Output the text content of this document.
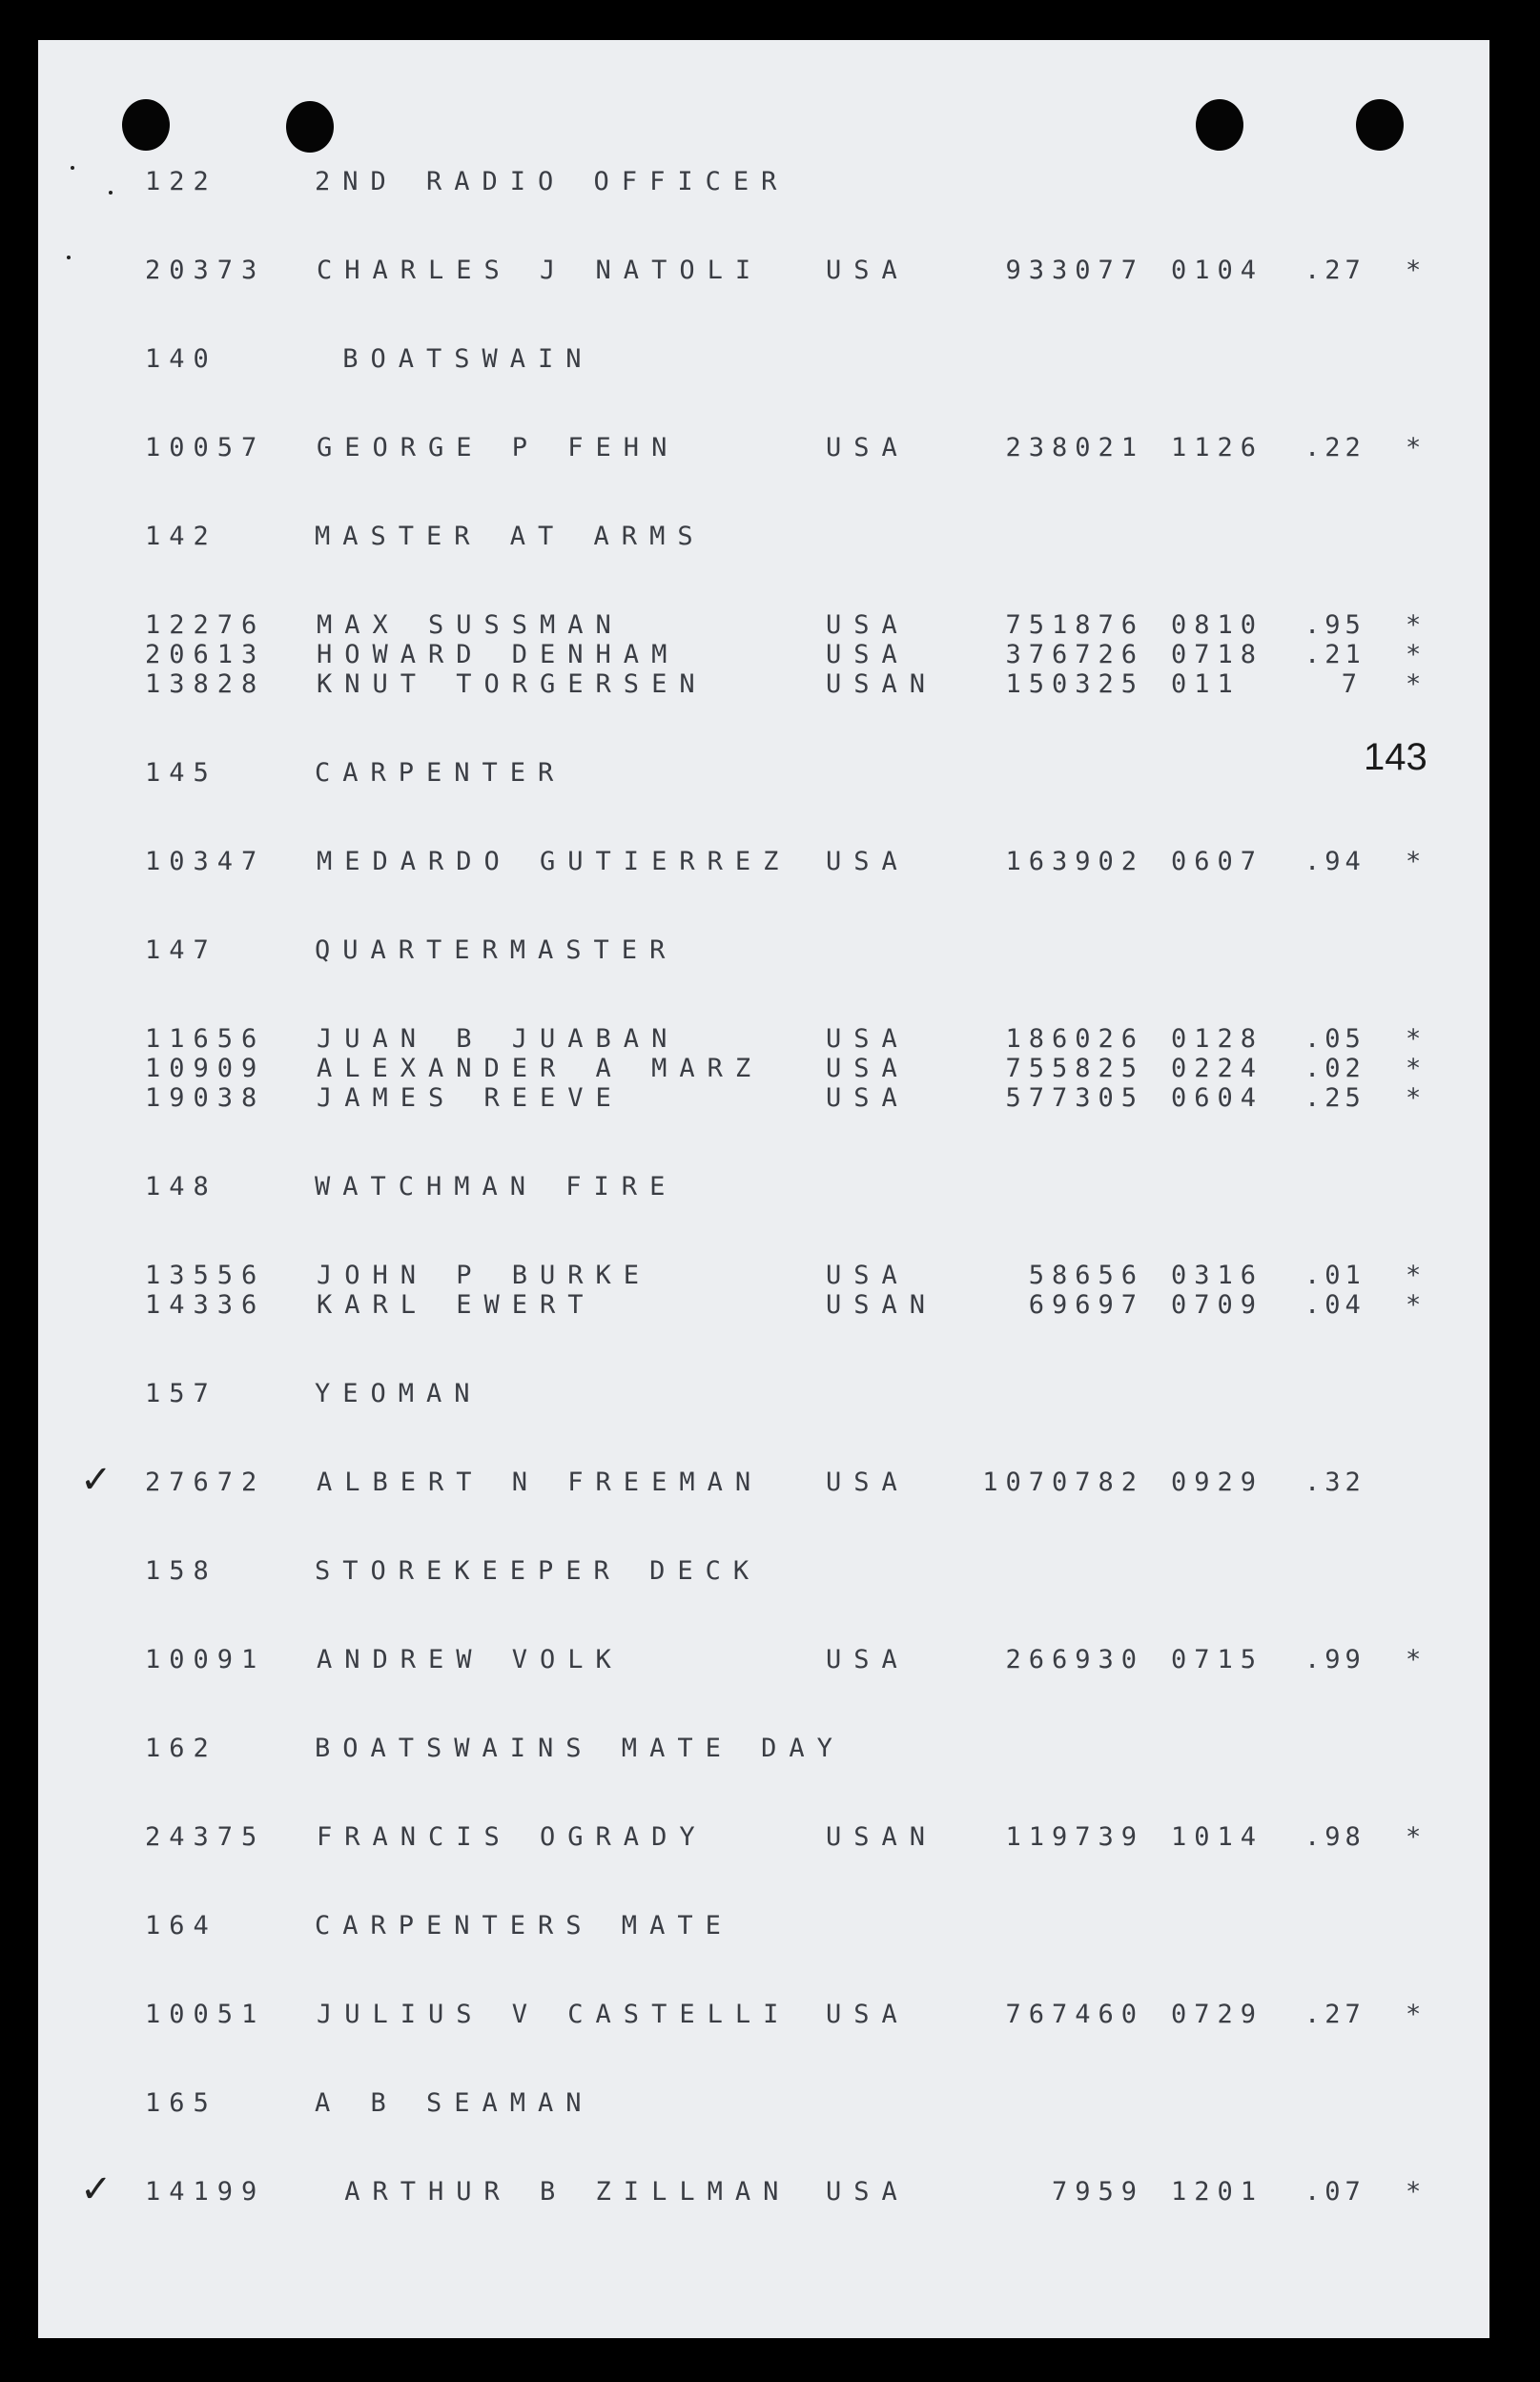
143
122	2ND RADIO OFFICER
20373 CHARLES J NATOLI USA	933077 0104 .27 *
140	BOATSWAIN
10057 GEORGE P FEHN	USA	238021 1126 .22 *
142	MASTER AT ARMS
12276 MAX SUSSMAN	USA	751876 0810 .95 *
20613 HOWARD DENHAM	USA	376726 0718 .21 *
13828 KNUT TORGERSEN	USAN	150325 011	7 *
145	CARPENTER
10347 MEDARDO GUTIERREZ USA	163902 0607 .94 *
147	QUARTERMASTER
11656 JUAN B JUABAN	USA	186026 0128 .05 *
10909 ALEXANDER A MARZ USA	755825 0224 .02 *
19038 JAMES REEVE	USA	577305 0604 .25 *
148	WATCHMAN FIRE
13556 JOHN P BURKE	USA	58656 0316 .01 *
14336 KARL EWERT	USAN	69697 0709 .04 *
157	YEOMAN
27672 ALBERT N FREEMAN USA	1070782 0929 .32
✓
158	STOREKEEPER DECK
10091 ANDREW VOLK	USA	266930 0715 .99 *
162	BOATSWAINS MATE DAY
24375 FRANCIS OGRADY	USAN	119739 1014 .98 *
164	CARPENTERS MATE
10051 JULIUS V CASTELLI USA	767460 0729 .27 *
165	A B SEAMAN
14199 ARTHUR B ZILLMAN USA	7959 1201 .07 *
✓
